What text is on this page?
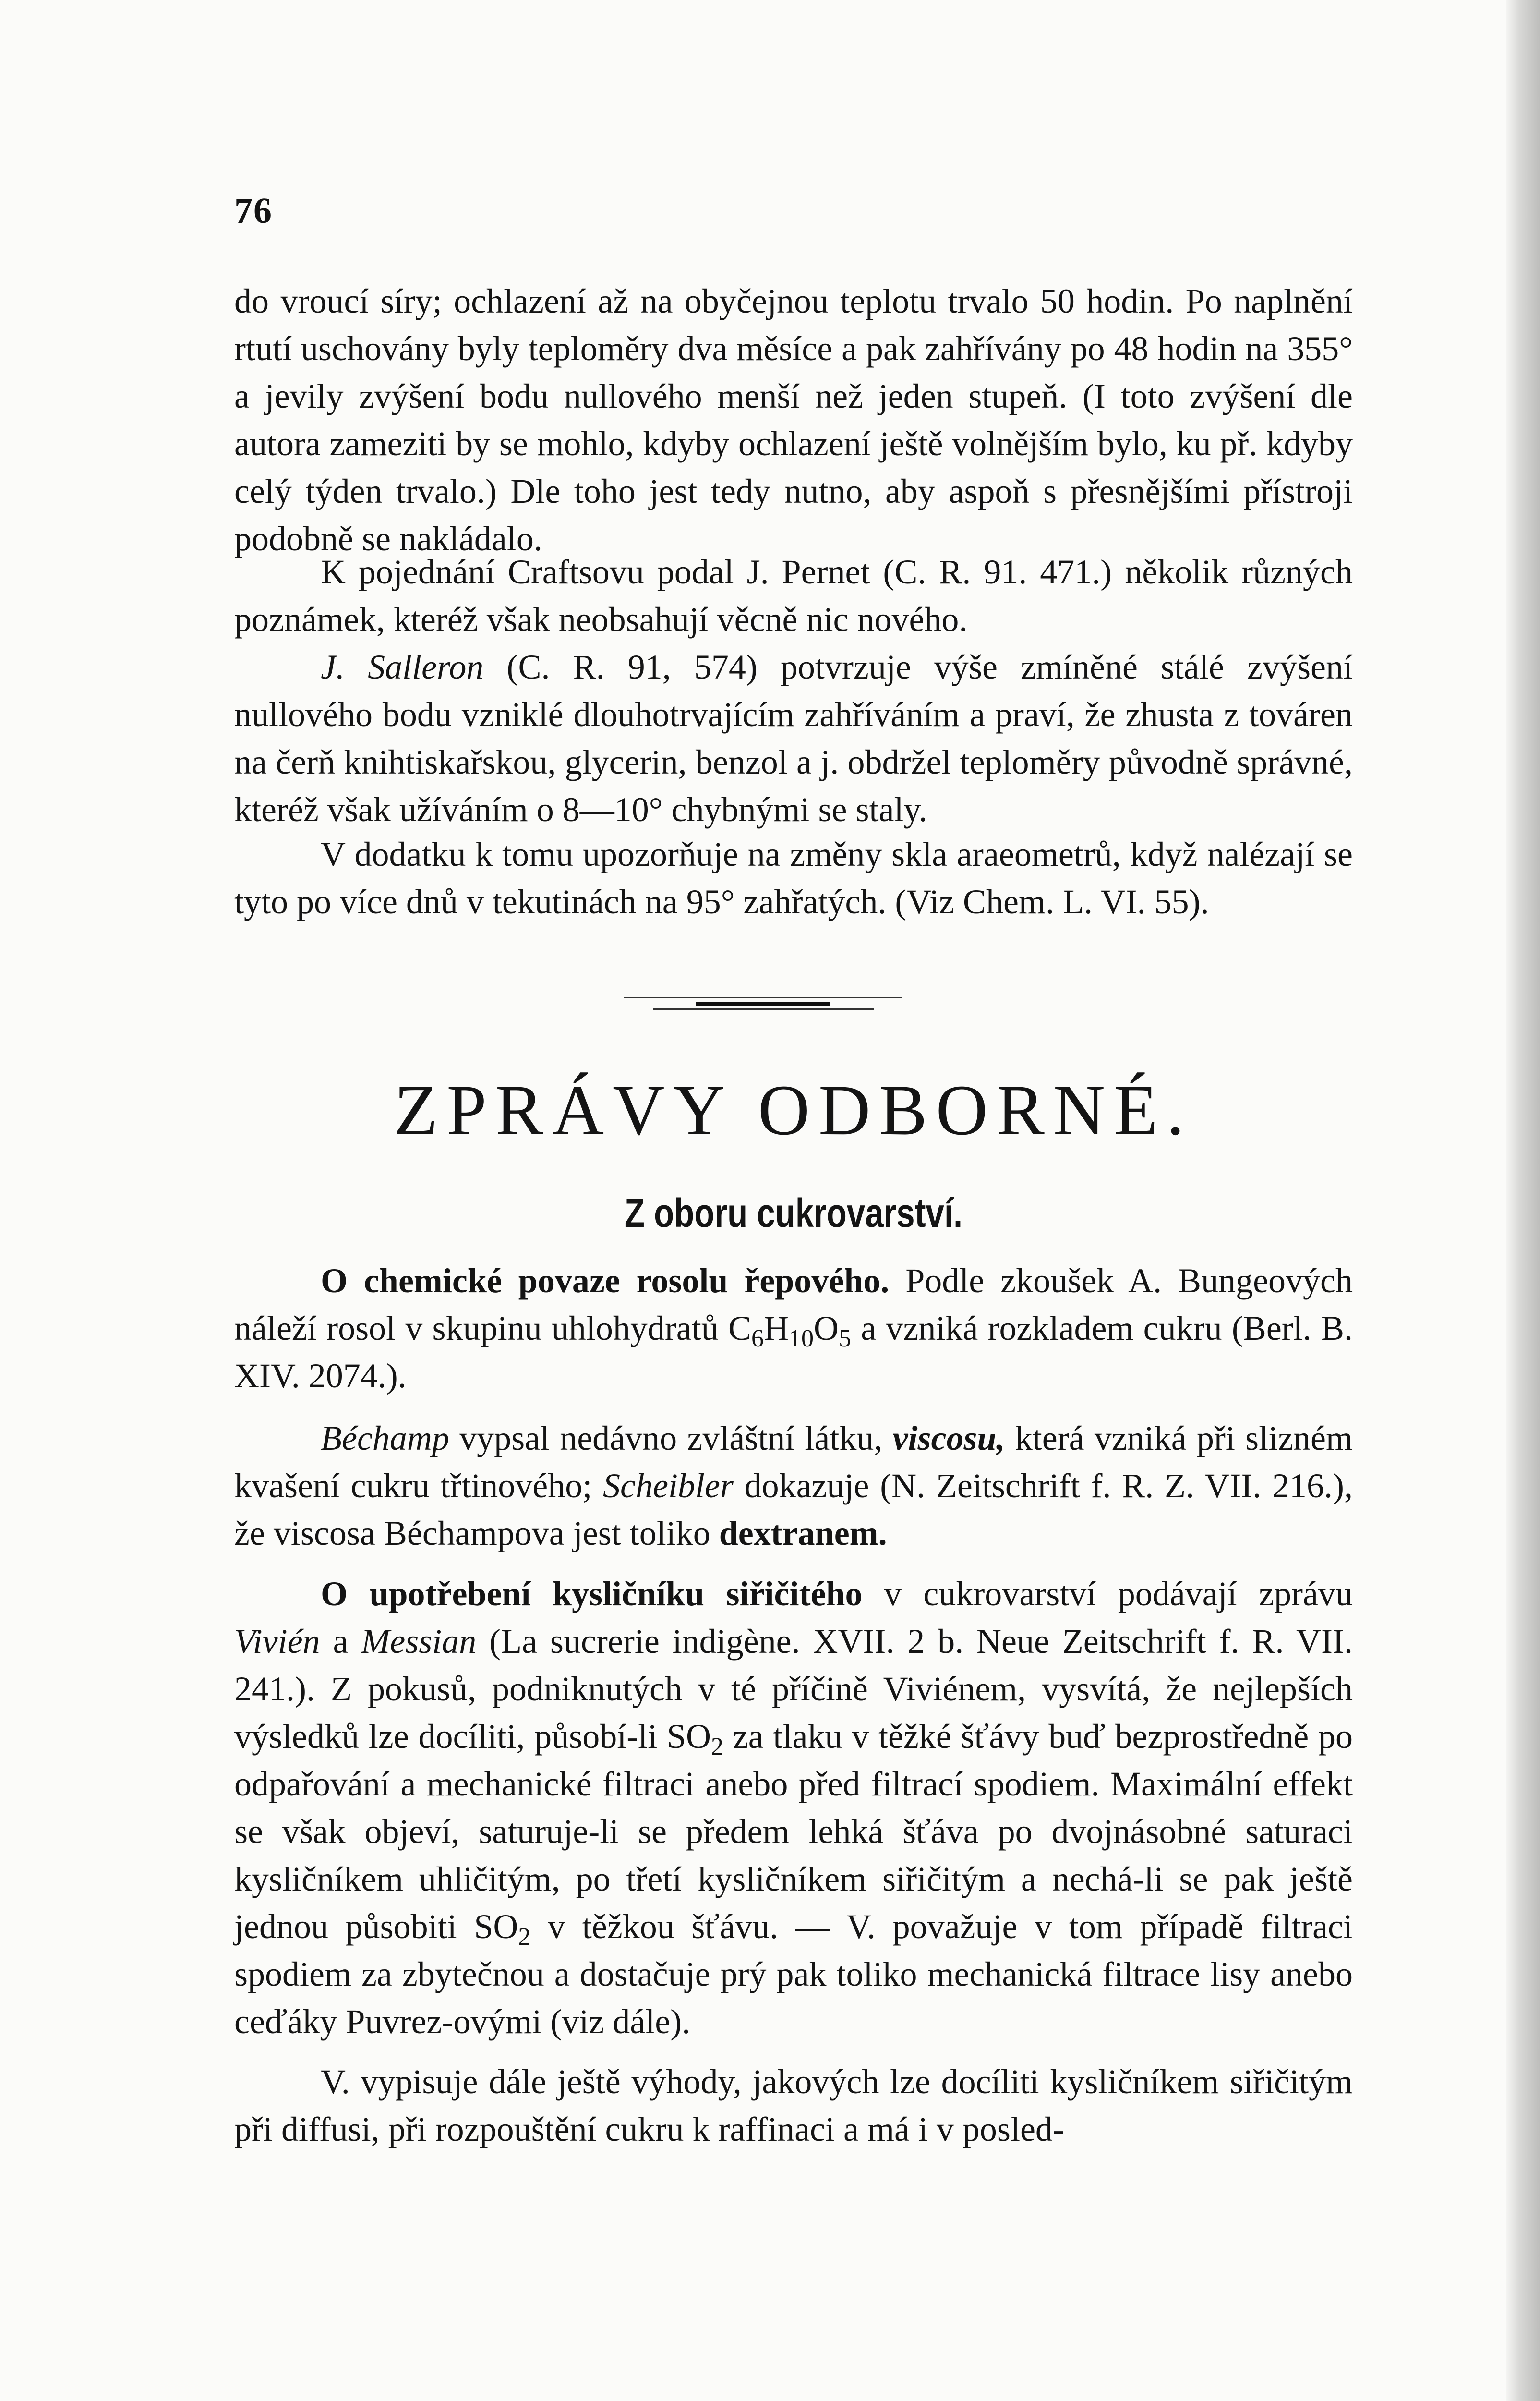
76

do vroucí síry; ochlazení až na obyčejnou teplotu trvalo 50 hodin. Po naplnění rtutí uschovány byly teploměry dva měsíce a pak zahřívány po 48 hodin na 355° a jevily zvýšení bodu nullového menší než jeden stupeň. (I toto zvýšení dle autora zameziti by se mohlo, kdyby ochlazení ještě volnějším bylo, ku př. kdyby celý týden trvalo.) Dle toho jest tedy nutno, aby aspoň s přesnějšími přístroji podobně se nakládalo.

K pojednání Craftsovu podal J. Pernet (C. R. 91. 471.) několik různých poznámek, kteréž však neobsahují věcně nic nového.

J. Salleron (C. R. 91, 574) potvrzuje výše zmíněné stálé zvýšení nullového bodu vzniklé dlouhotrvajícím zahříváním a praví, že zhusta z továren na čerň knihtiskařskou, glycerin, benzol a j. obdržel teploměry původně správné, kteréž však užíváním o 8—10° chybnými se staly.

V dodatku k tomu upozorňuje na změny skla araeometrů, když nalézají se tyto po více dnů v tekutinách na 95° zahřatých. (Viz Chem. L. VI. 55).

ZPRÁVY ODBORNÉ.
Z oboru cukrovarství.

O chemické povaze rosolu řepového. Podle zkoušek A. Bungeových náleží rosol v skupinu uhlohydratů $C_6H_{10}O_5$ a vzniká rozkladem cukru (Berl. B. XIV. 2074.).

Béchamp vypsal nedávno zvláštní látku, viscosu, která vzniká při slizném kvašení cukru třtinového; Scheibler dokazuje (N. Zeitschrift f. R. Z. VII. 216.), že viscosa Béchampova jest toliko dextranem.

O upotřebení kysličníku siřičitého v cukrovarství podávají zprávu Vivién a Messian (La sucrerie indigène. XVII. 2 b. Neue Zeitschrift f. R. VII. 241.). Z pokusů, podniknutých v té příčině Viviénem, vysvítá, že nejlepších výsledků lze docíliti, působí-li $SO_2$ za tlaku v těžké šťávy buď bezprostředně po odpařování a mechanické filtraci anebo před filtrací spodiem. Maximální effekt se však objeví, saturuje-li se předem lehká šťáva po dvojnásobné saturaci kysličníkem uhličitým, po třetí kysličníkem siřičitým a nechá-li se pak ještě jednou působiti $SO_2$ v těžkou šťávu. — V. považuje v tom případě filtraci spodiem za zbytečnou a dostačuje prý pak toliko mechanická filtrace lisy anebo ceďáky Puvrez-ovými (viz dále).

V. vypisuje dále ještě výhody, jakových lze docíliti kysličníkem siřičitým při diffusi, při rozpouštění cukru k raffinaci a má i v posled-
